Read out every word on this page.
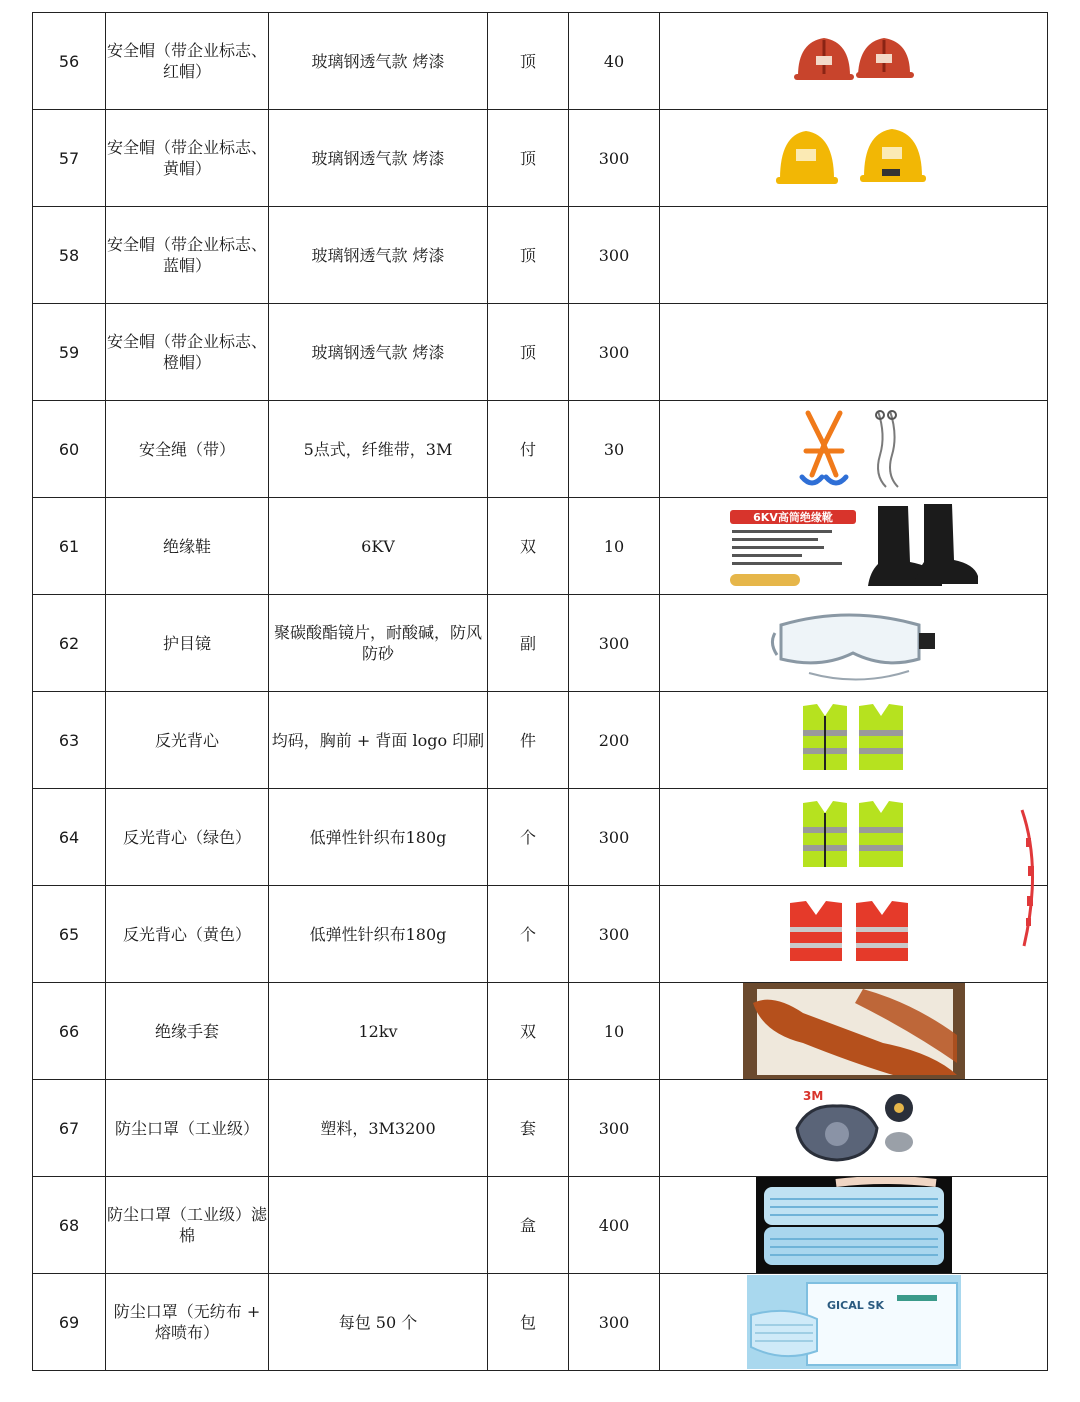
56	安全帽（带企业标志、红帽）	玻璃钢透气款 烤漆	顶	40	

57	安全帽（带企业标志、黄帽）	玻璃钢透气款 烤漆	顶	300	

58	安全帽（带企业标志、蓝帽）	玻璃钢透气款 烤漆	顶	300	
59	安全帽（带企业标志、橙帽）	玻璃钢透气款 烤漆	顶	300	
60	安全绳（带）	5点式，纤维带，3M	付	30	

61	绝缘鞋	6KV	双	10	6KV高筒绝缘靴

62	护目镜	聚碳酸酯镜片，耐酸碱，防风防砂	副	300	

63	反光背心	均码，胸前 + 背面 logo 印刷	件	200	

64	反光背心（绿色）	低弹性针织布180g	个	300	

65	反光背心（黄色）	低弹性针织布180g	个	300	

66	绝缘手套	12kv	双	10	

67	防尘口罩（工业级）	塑料，3M3200	套	300	3M

68	防尘口罩（工业级）滤棉		盒	400	

69	防尘口罩（无纺布 + 熔喷布）	每包 50 个	包	300	GICAL SK
